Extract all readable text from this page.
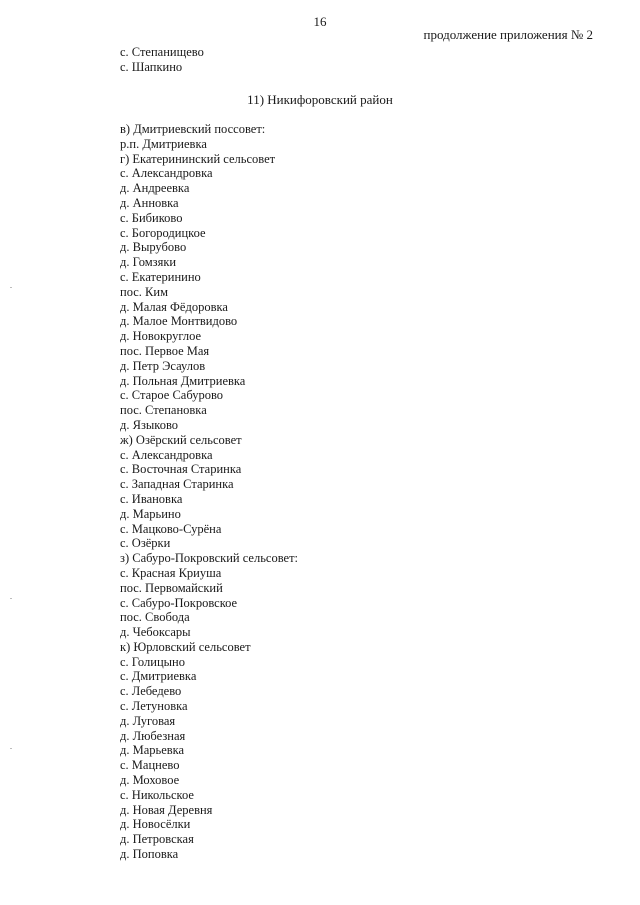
16
продолжение приложения № 2
с. Степанищево
с. Шапкино
11) Никифоровский район
в) Дмитриевский поссовет:
р.п. Дмитриевка
г) Екатерининский сельсовет
с. Александровка
д. Андреевка
д. Анновка
с. Бибиково
с. Богородицкое
д. Вырубово
д. Гомзяки
с. Екатеринино
пос. Ким
д. Малая Фёдоровка
д. Малое Монтвидово
д. Новокруглое
пос. Первое Мая
д. Петр Эсаулов
д. Польная Дмитриевка
с. Старое Сабурово
пос. Степановка
д. Языково
ж) Озёрский сельсовет
с. Александровка
с. Восточная Старинка
с. Западная Старинка
с. Ивановка
д. Марьино
с. Мацково-Сурёна
с. Озёрки
з) Сабуро-Покровский сельсовет:
с. Красная Криуша
пос. Первомайский
с. Сабуро-Покровское
пос. Свобода
д. Чебоксары
к) Юрловский сельсовет
с. Голицыно
с. Дмитриевка
с. Лебедево
с. Летуновка
д. Луговая
д. Любезная
д. Марьевка
с. Мацнево
д. Моховое
с. Никольское
д. Новая Деревня
д. Новосёлки
д. Петровская
д. Поповка
